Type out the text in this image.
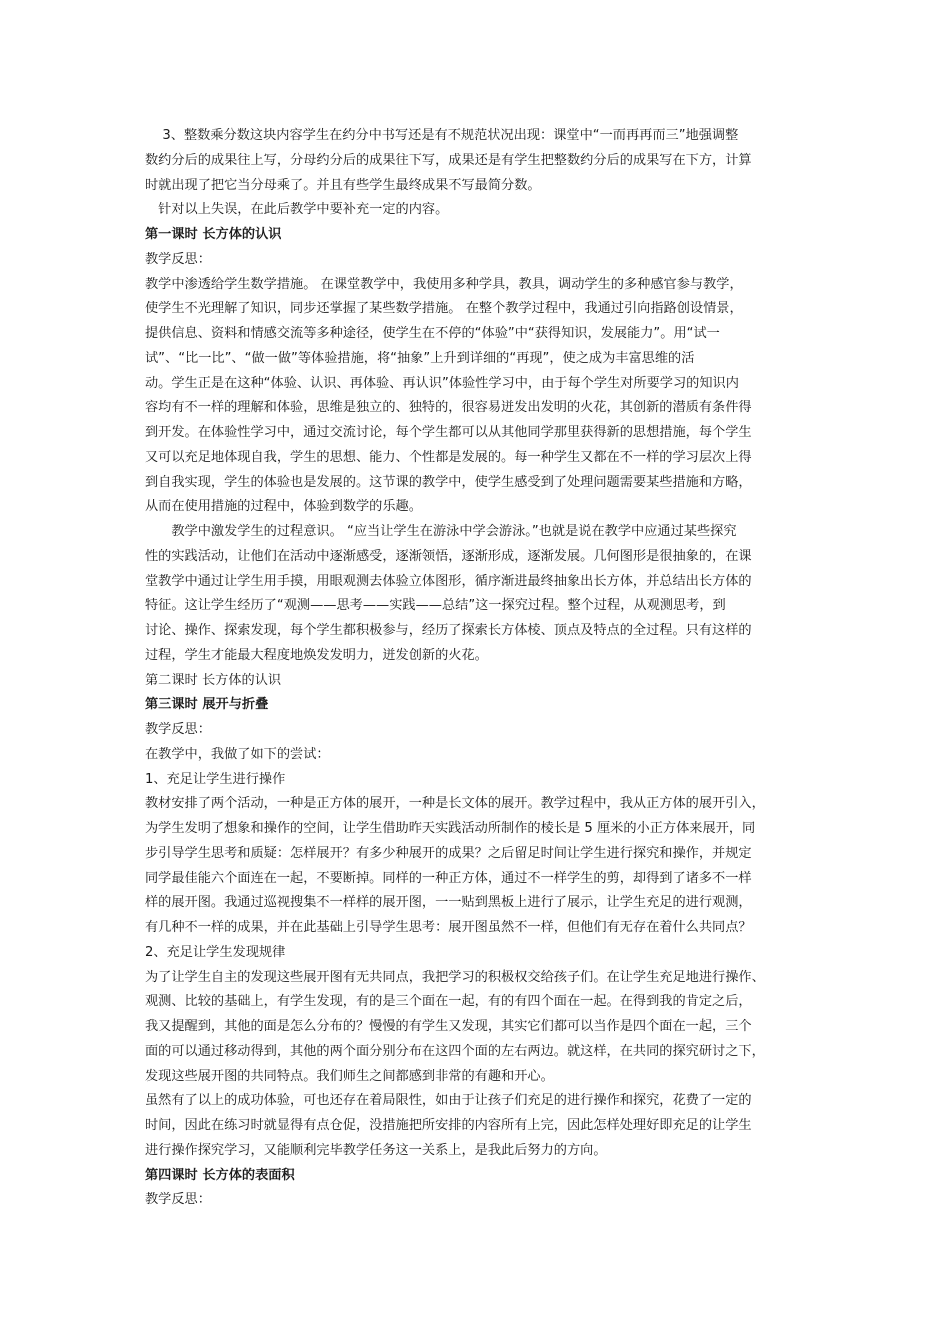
　 3、整数乘分数这块内容学生在约分中书写还是有不规范状况出现：课堂中“一而再再而三”地强调整
数约分后的成果往上写，分母约分后的成果往下写，成果还是有学生把整数约分后的成果写在下方，计算
时就出现了把它当分母乘了。并且有些学生最终成果不写最简分数。
　针对以上失误，在此后教学中要补充一定的内容。
第一课时 长方体的认识
教学反思：
教学中渗透给学生数学措施。 在课堂教学中，我使用多种学具，教具，调动学生的多种感官参与教学，
使学生不光理解了知识，同步还掌握了某些数学措施。 在整个教学过程中，我通过引向指路创设情景，
提供信息、资料和情感交流等多种途径，使学生在不停的“体验”中“获得知识，发展能力”。用“试一
试”、“比一比”、“做一做”等体验措施，将“抽象”上升到详细的“再现”，使之成为丰富思维的活
动。学生正是在这种“体验、认识、再体验、再认识”体验性学习中，由于每个学生对所要学习的知识内
容均有不一样的理解和体验，思维是独立的、独特的，很容易迸发出发明的火花，其创新的潜质有条件得
到开发。在体验性学习中，通过交流讨论，每个学生都可以从其他同学那里获得新的思想措施，每个学生
又可以充足地体现自我，学生的思想、能力、个性都是发展的。每一种学生又都在不一样的学习层次上得
到自我实现，学生的体验也是发展的。这节课的教学中，使学生感受到了处理问题需要某些措施和方略，
从而在使用措施的过程中，体验到数学的乐趣。
　　教学中激发学生的过程意识。 “应当让学生在游泳中学会游泳。”也就是说在教学中应通过某些探究
性的实践活动，让他们在活动中逐渐感受，逐渐领悟，逐渐形成，逐渐发展。几何图形是很抽象的，在课
堂教学中通过让学生用手摸，用眼观测去体验立体图形，循序渐进最终抽象出长方体，并总结出长方体的
特征。这让学生经历了“观测——思考——实践——总结”这一探究过程。整个过程，从观测思考，到
讨论、操作、探索发现，每个学生都积极参与，经历了探索长方体棱、顶点及特点的全过程。只有这样的
过程，学生才能最大程度地焕发发明力，迸发创新的火花。
第二课时 长方体的认识
第三课时 展开与折叠
教学反思：
在教学中，我做了如下的尝试：
1、充足让学生进行操作
教材安排了两个活动，一种是正方体的展开，一种是长文体的展开。教学过程中，我从正方体的展开引入，
为学生发明了想象和操作的空间，让学生借助昨天实践活动所制作的棱长是 5 厘米的小正方体来展开，同
步引导学生思考和质疑：怎样展开？有多少种展开的成果？之后留足时间让学生进行探究和操作，并规定
同学最佳能六个面连在一起，不要断掉。同样的一种正方体，通过不一样学生的剪，却得到了诸多不一样
样的展开图。我通过巡视搜集不一样样的展开图，一一贴到黑板上进行了展示，让学生充足的进行观测，
有几种不一样的成果，并在此基础上引导学生思考：展开图虽然不一样，但他们有无存在着什么共同点？
2、充足让学生发现规律
为了让学生自主的发现这些展开图有无共同点，我把学习的积极权交给孩子们。在让学生充足地进行操作、
观测、比较的基础上，有学生发现，有的是三个面在一起，有的有四个面在一起。在得到我的肯定之后，
我又提醒到，其他的面是怎么分布的？慢慢的有学生又发现，其实它们都可以当作是四个面在一起，三个
面的可以通过移动得到，其他的两个面分别分布在这四个面的左右两边。就这样，在共同的探究研讨之下，
发现这些展开图的共同特点。我们师生之间都感到非常的有趣和开心。
虽然有了以上的成功体验，可也还存在着局限性，如由于让孩子们充足的进行操作和探究，花费了一定的
时间，因此在练习时就显得有点仓促，没措施把所安排的内容所有上完，因此怎样处理好即充足的让学生
进行操作探究学习，又能顺利完毕教学任务这一关系上，是我此后努力的方向。
第四课时 长方体的表面积
教学反思：
